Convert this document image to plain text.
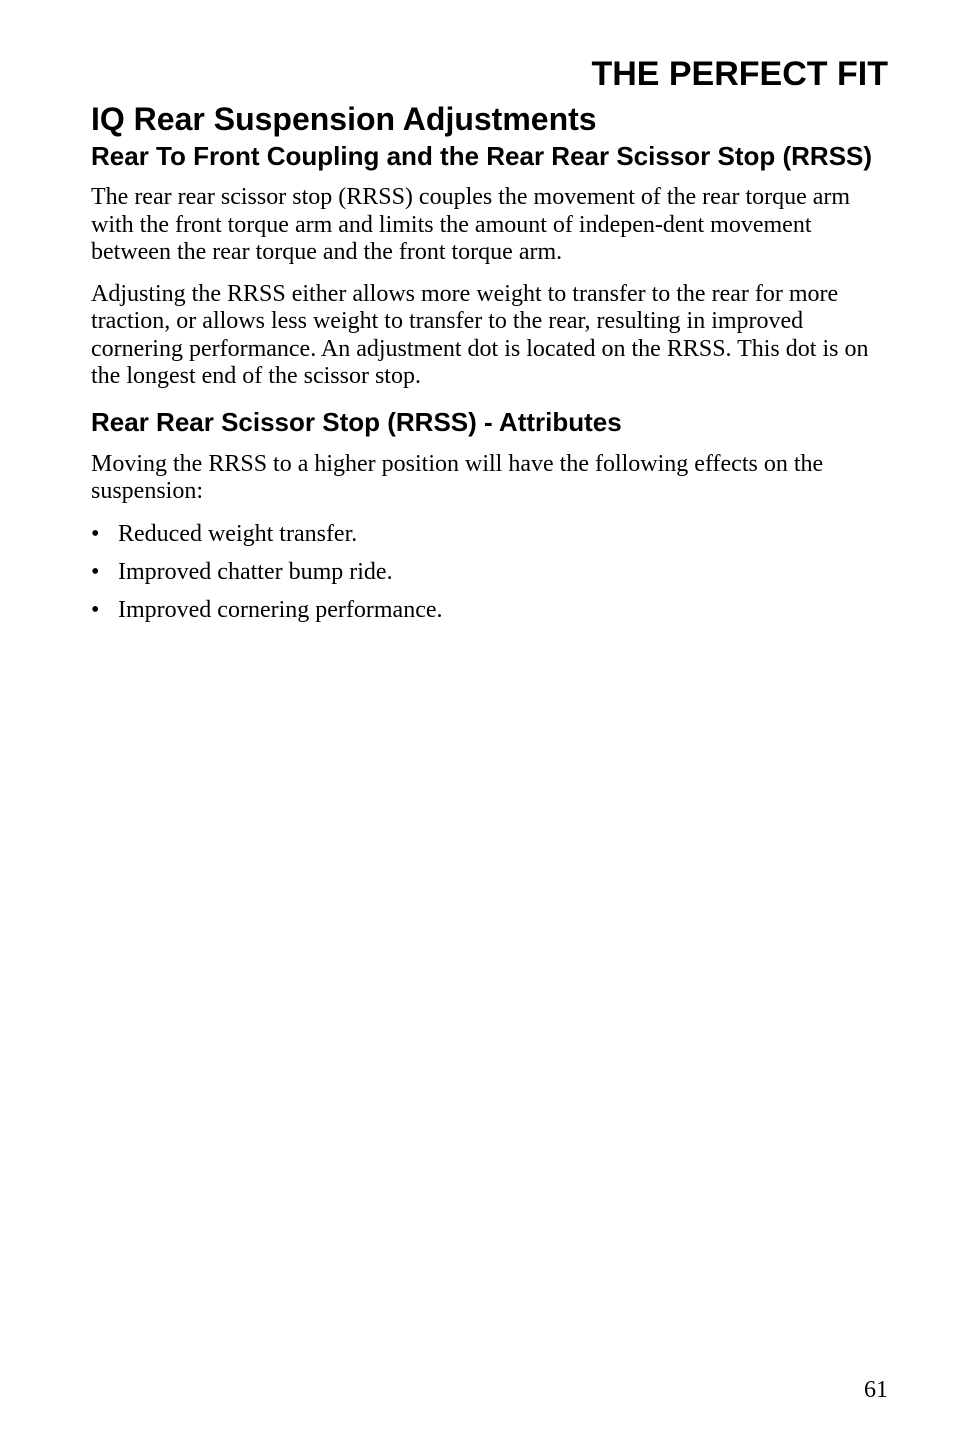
THE PERFECT FIT
IQ Rear Suspension Adjustments
Rear To Front Coupling and the Rear Rear Scissor Stop (RRSS)

The rear rear scissor stop (RRSS) couples the movement of the rear torque arm with the front torque arm and limits the amount of indepen-dent movement between the rear torque and the front torque arm.

Adjusting the RRSS either allows more weight to transfer to the rear for more traction, or allows less weight to transfer to the rear, resulting in improved cornering performance. An adjustment dot is located on the RRSS. This dot is on the longest end of the scissor stop.

Rear Rear Scissor Stop (RRSS) - Attributes

Moving the RRSS to a higher position will have the following effects on the suspension:

• Reduced weight transfer.
• Improved chatter bump ride.
• Improved cornering performance.
61
